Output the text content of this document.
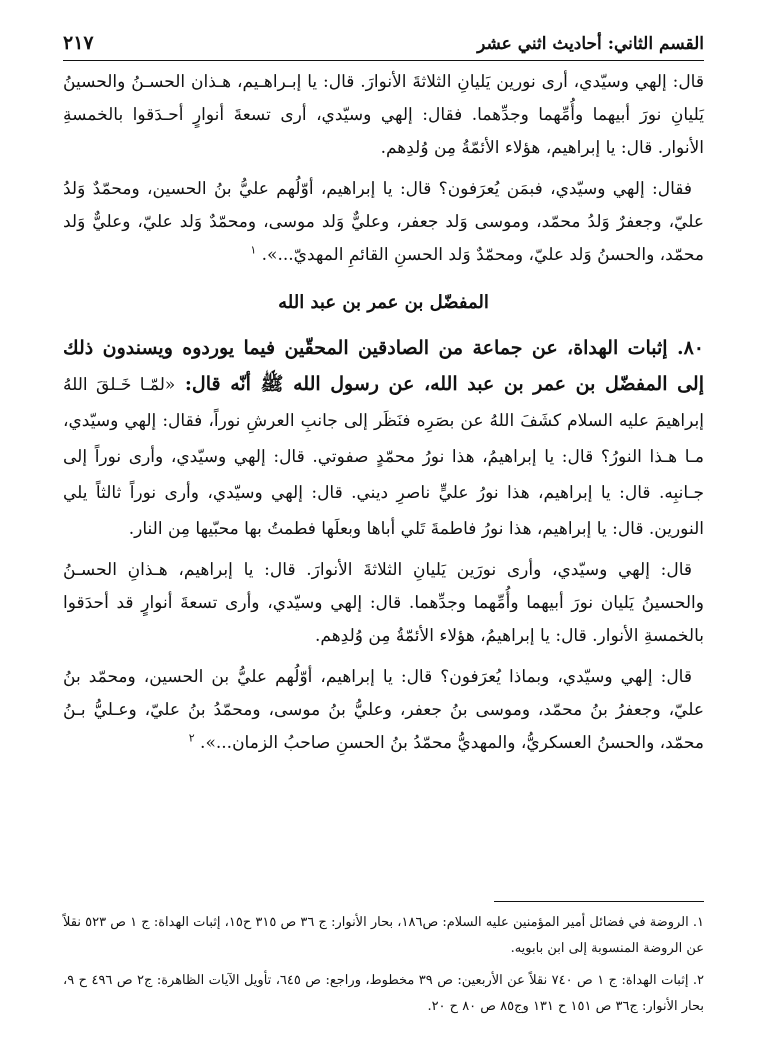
القسم الثاني: أحاديث اثني عشر
٢١٧

قال: إلهي وسيّدي، أرى نورين يَليانِ الثلاثةَ الأنوارَ. قال: يا إبـراهـيم، هـذان الحسـنُ والحسينُ يَليانِ نورَ أبيهما وأُمِّهما وجدِّهما. فقال: إلهي وسيّدي، أرى تسعةَ أنوارٍ أحـدَقوا بالخمسةِ الأنوار. قال: يا إبراهيم، هؤلاء الأئمّةُ مِن وُلدِهم.

فقال: إلهي وسيّدي، فبمَن يُعرَفون؟ قال: يا إبراهيم، أوّلُهم عليُّ بنُ الحسين، ومحمّدٌ وَلدُ عليّ، وجعفرٌ وَلدُ محمّد، وموسى وَلد جعفر، وعليٌّ وَلد موسى، ومحمّدٌ وَلد عليّ، وعليٌّ وَلد محمّد، والحسنُ وَلد عليّ، ومحمّدٌ وَلد الحسنِ القائمِ المهديّ...». $^١$

المفضّل بن عمر بن عبد الله

٨٠. إثبات الهداة، عن جماعة من الصادقين المحقّين فيما يوردوه ويسندون ذلك إلى المفضّل بن عمر بن عبد الله، عن رسول الله ﷺ أنّه قال: «لمّـا خَـلقَ اللهُ إبراهيمَ عليه السلام كشَفَ اللهُ عن بصَرِه فنَظَر إلى جانبِ العرشِ نوراً، فقال: إلهي وسيّدي، مـا هـذا النورُ؟ قال: يا إبراهيمُ، هذا نورُ محمّدٍ صفوتي. قال: إلهي وسيّدي، وأرى نوراً إلى جـانبِه. قال: يا إبراهيم، هذا نورُ عليٍّ ناصرِ ديني. قال: إلهي وسيّدي، وأرى نوراً ثالثاً يلي النورين. قال: يا إبراهيم، هذا نورُ فاطمةَ تَلي أباها وبعلَها فطمتُ بها محبّيها مِن النار.

قال: إلهي وسيّدي، وأرى نورَين يَليانِ الثلاثةَ الأنوارَ. قال: يا إبراهيم، هـذانِ الحسـنُ والحسينُ يَليان نورَ أبيهما وأُمِّهما وجدِّهما. قال: إلهي وسيّدي، وأرى تسعةَ أنوارٍ قد أحدَقوا بالخمسةِ الأنوار. قال: يا إبراهيمُ، هؤلاء الأئمّةُ مِن وُلدِهم.

قال: إلهي وسيّدي، وبماذا يُعرَفون؟ قال: يا إبراهيم، أوّلُهم عليُّ بن الحسين، ومحمّد بنُ عليّ، وجعفرُ بنُ محمّد، وموسى بنُ جعفر، وعليُّ بنُ موسى، ومحمّدُ بنُ عليّ، وعـليُّ بـنُ محمّد، والحسنُ العسكريُّ، والمهديُّ محمّدُ بنُ الحسنِ صاحبُ الزمان...». $^٢$

١. الروضة في فضائل أمير المؤمنين عليه السلام: ص١٨٦، بحار الأنوار: ج ٣٦ ص ٣١٥ ح١٥، إثبات الهداة: ج ١ ص ٥٢٣ نقلاً عن الروضة المنسوبة إلى ابن بابويه.

٢. إثبات الهداة: ج ١ ص ٧٤٠ نقلاً عن الأربعين: ص ٣٩ مخطوط، وراجع: ص ٦٤٥، تأويل الآيات الظاهرة: ج٢ ص ٤٩٦ ح ٩، بحار الأنوار: ج٣٦ ص ١٥١ ح ١٣١ وج٨٥ ص ٨٠ ح ٢٠.
